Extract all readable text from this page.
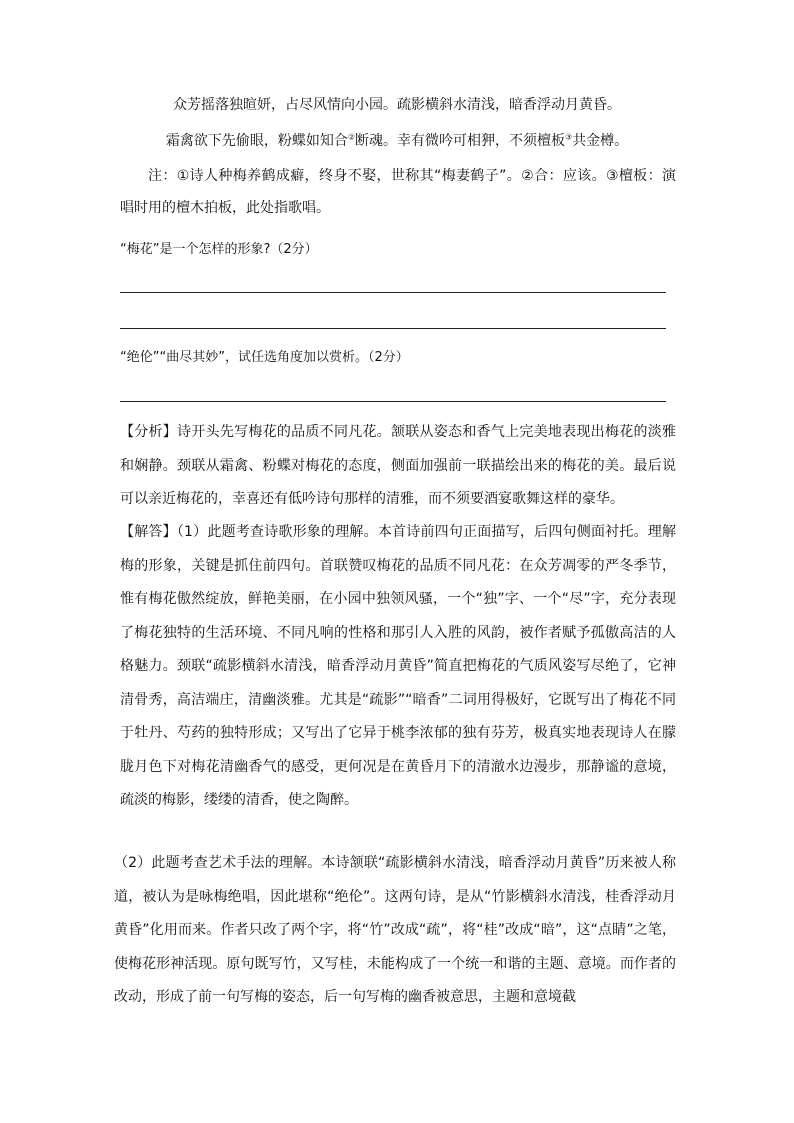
众芳摇落独暄妍，占尽风情向小园。疏影横斜水清浅，暗香浮动月黄昏。
霜禽欲下先偷眼，粉蝶如知合②断魂。幸有微吟可相狎，不须檀板③共金樽。
注：①诗人种梅养鹤成癖，终身不娶，世称其“梅妻鹤子”。②合：应该。③檀板：演唱时用的檀木拍板，此处指歌唱。
“梅花”是一个怎样的形象?（2分）
“绝伦”“曲尽其妙”，试任选角度加以赏析。（2分）
【分析】诗开头先写梅花的品质不同凡花。颔联从姿态和香气上完美地表现出梅花的淡雅和娴静。颈联从霜禽、粉蝶对梅花的态度，侧面加强前一联描绘出来的梅花的美。最后说可以亲近梅花的，幸喜还有低吟诗句那样的清雅，而不须要酒宴歌舞这样的豪华。
【解答】（1）此题考查诗歌形象的理解。本首诗前四句正面描写，后四句侧面衬托。理解梅的形象，关键是抓住前四句。首联赞叹梅花的品质不同凡花：在众芳凋零的严冬季节，惟有梅花傲然绽放，鲜艳美丽，在小园中独领风骚，一个“独”字、一个“尽”字，充分表现了梅花独特的生活环境、不同凡响的性格和那引人入胜的风韵，被作者赋予孤傲高洁的人格魅力。颈联“疏影横斜水清浅，暗香浮动月黄昏”简直把梅花的气质风姿写尽绝了，它神清骨秀，高洁端庄，清幽淡雅。尤其是“疏影”“暗香”二词用得极好，它既写出了梅花不同于牡丹、芍药的独特形成；又写出了它异于桃李浓郁的独有芬芳，极真实地表现诗人在朦胧月色下对梅花清幽香气的感受，更何况是在黄昏月下的清澈水边漫步，那静谧的意境，疏淡的梅影，缕缕的清香，使之陶醉。
（2）此题考查艺术手法的理解。本诗颔联“疏影横斜水清浅，暗香浮动月黄昏”历来被人称道，被认为是咏梅绝唱，因此堪称“绝伦”。这两句诗，是从“竹影横斜水清浅，桂香浮动月黄昏”化用而来。作者只改了两个字，将“竹”改成“疏”，将“桂”改成“暗”，这“点睛”之笔，使梅花形神活现。原句既写竹，又写桂，未能构成了一个统一和谐的主题、意境。而作者的改动，形成了前一句写梅的姿态，后一句写梅的幽香被意思，主题和意境截
